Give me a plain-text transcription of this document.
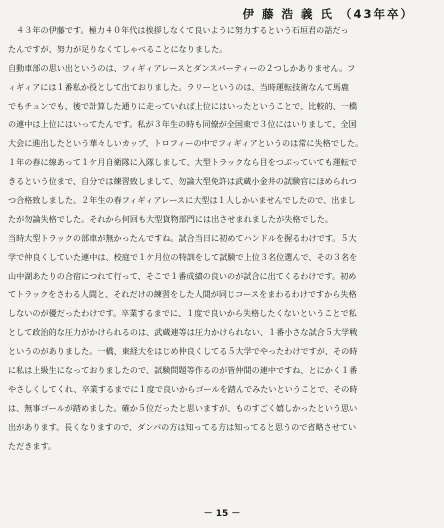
伊 藤 浩 義 氏 （43年卒）
　４３年の伊藤です。極力４０年代は挨拶しなくて良いように努力するという石垣君の話だっ
たんですが、努力が足りなくてしゃべることになりました。
自動車部の思い出というのは、フィギィアレースとダンスパーティーの２つしかありません。フ
ィギィアには１番私か役として出ておりました。ラリーというのは、当時運転技術なんて馬鹿
でもチュンでも、後で計算した通りに走っていれば上位にはいったということで、比較的、一橋
の連中は上位にはいってたんです。私が３年生の時も同僚が全国東で３位にはいりまして、全国
大会に進出したという華々しいカップ、トロフィーの中でフィギィアというのは常に失格でした。
１年の春に線あって１ケ月自衛隊に入隊しまして、大型トラックなら目をつぶっていても運転で
きるという位まで、自分では練習致しまして、勿論大型免許は武蔵小金井の試験官にほめられつ
つ合格致しました。２年生の春フィギィアレースに大型は１人しかいませんでしたので、出まし
たが勿論失格でした。それから何回も大型貨物部門には出させまれましたが失格でした。
当時大型トラックの部車が無かったんですね。試合当日に初めてハンドルを握るわけです。５大
学で仲良くしていた連中は、校庭で１ケ月位の特訓をして試験で上位３名位選んで、その３名を
山中湖あたりの合宿につれて行って、そこで１番成績の良いのが試合に出てくるわけです。初め
てトラックをさわる人間と、それだけの練習をした人間が同じコースをまわるわけですから失格
しないのが優だったわけです。卒業するまでに、１度で良いから失格したくないということで私
として政治的な圧力がかけられるのは、武蔵連等は圧力かけられない、１番小さな試合５大学戦
というのがありました。一橋、東経大をはじめ仲良くしてる５大学でやったわけですが、その時
に私は上級生になっておりましたので、試験問題等作るのが皆仲間の連中ですね、とにかく１番
やさしくしてくれ、卒業するまでに１度で良いからゴールを踏んでみたいということで、その時
は、無事ゴールが踏めました。確か５位だったと思いますが、ものすごく嬉しかったという思い
出があります。長くなりますので、ダンパの方は知ってる方は知ってると思うので省略させてい
ただきます。
－ 15 －
